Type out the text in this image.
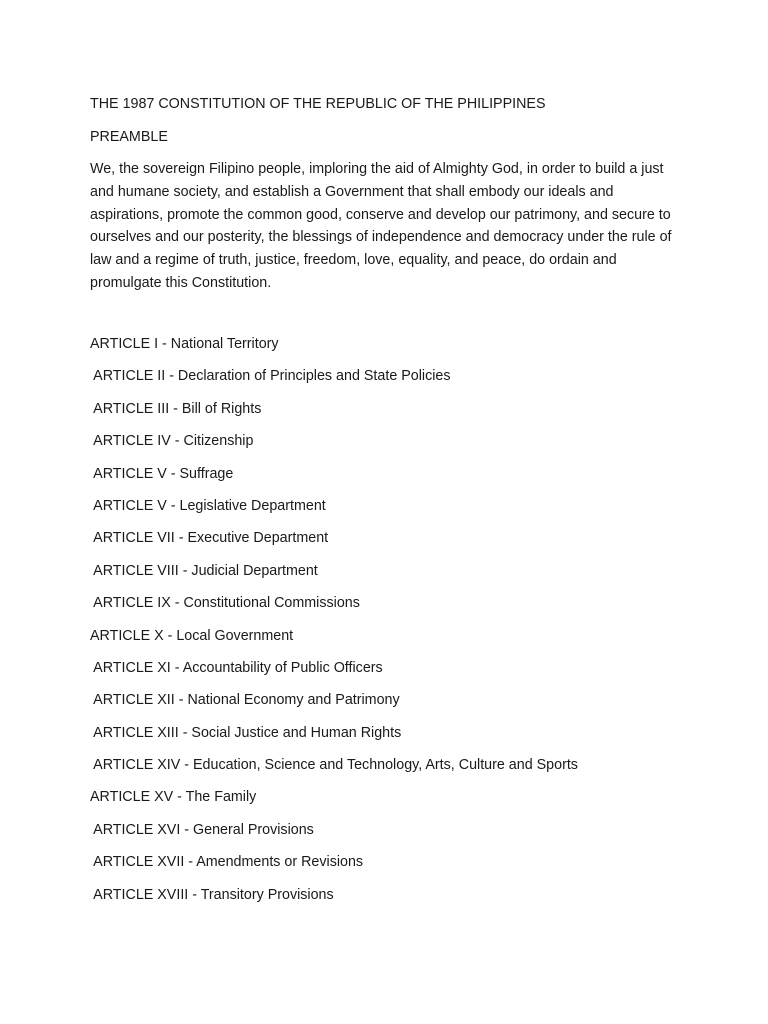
THE 1987 CONSTITUTION OF THE REPUBLIC OF THE PHILIPPINES
PREAMBLE

We, the sovereign Filipino people, imploring the aid of Almighty God, in order to build a just and humane society, and establish a Government that shall embody our ideals and aspirations, promote the common good, conserve and develop our patrimony, and secure to ourselves and our posterity, the blessings of independence and democracy under the rule of law and a regime of truth, justice, freedom, love, equality, and peace, do ordain and promulgate this Constitution.

ARTICLE I - National Territory
ARTICLE II - Declaration of Principles and State Policies
ARTICLE III - Bill of Rights
ARTICLE IV - Citizenship
ARTICLE V - Suffrage
ARTICLE V - Legislative Department
ARTICLE VII - Executive Department
ARTICLE VIII - Judicial Department
ARTICLE IX - Constitutional Commissions
ARTICLE X - Local Government
ARTICLE XI - Accountability of Public Officers
ARTICLE XII - National Economy and Patrimony
ARTICLE XIII - Social Justice and Human Rights
ARTICLE XIV - Education, Science and Technology, Arts, Culture and Sports
ARTICLE XV - The Family
ARTICLE XVI - General Provisions
ARTICLE XVII - Amendments or Revisions
ARTICLE XVIII - Transitory Provisions
